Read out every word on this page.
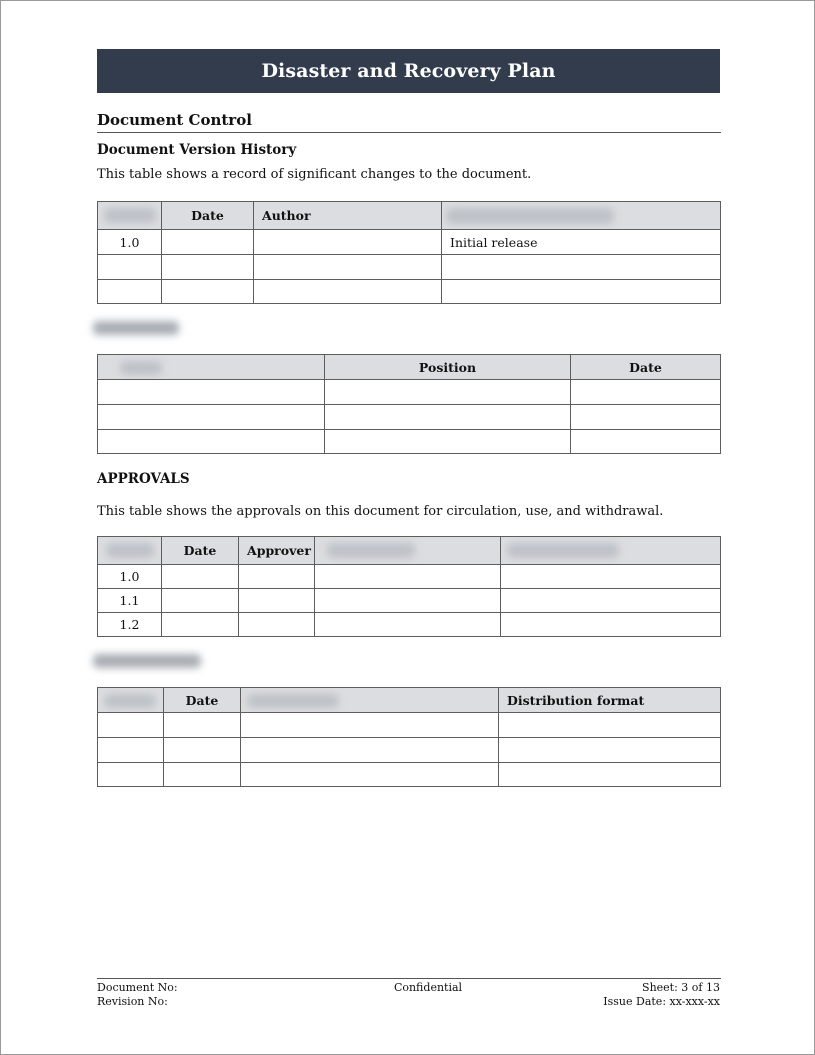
Disaster and Recovery Plan
Document Control
Document Version History
This table shows a record of significant changes to the document.
	Date	Author	

1.0			Initial release

	Position	Date

APPROVALS
This table shows the approvals on this document for circulation, use, and withdrawal.
	Date	Approver	

1.0				
1.1				
1.2				
	Date		Distribution format

Document No:
Revision No:
Confidential	Sheet: 3 of 13
Issue Date: xx-xxx-xx
